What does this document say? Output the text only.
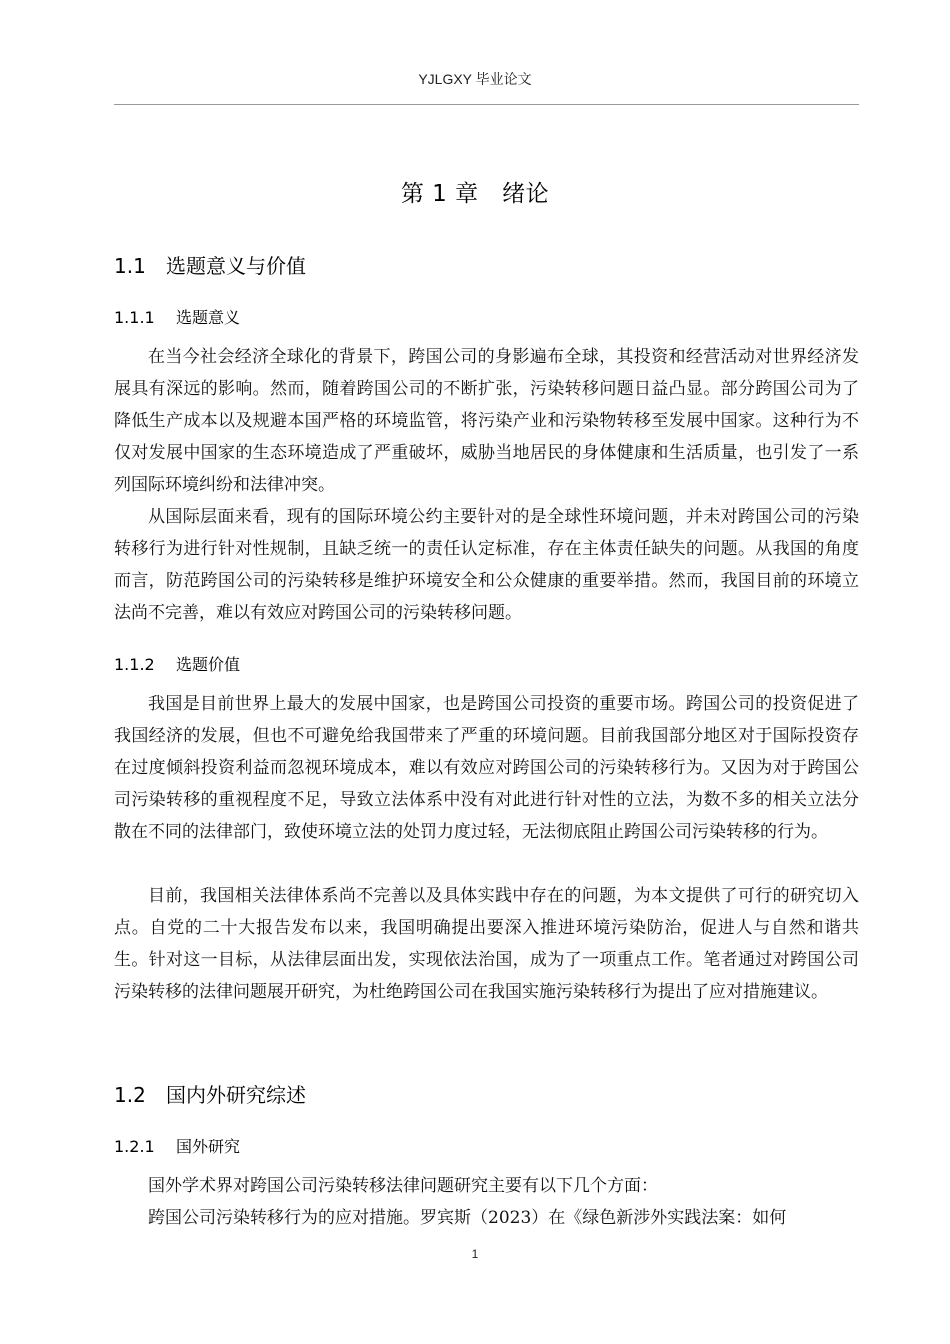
YJLGXY 毕业论文
第 1 章　绪论
1.1 选题意义与价值
1.1.1 选题意义

在当今社会经济全球化的背景下，跨国公司的身影遍布全球，其投资和经营活动对世界经济发展具有深远的影响。然而，随着跨国公司的不断扩张，污染转移问题日益凸显。部分跨国公司为了降低生产成本以及规避本国严格的环境监管，将污染产业和污染物转移至发展中国家。这种行为不仅对发展中国家的生态环境造成了严重破坏，威胁当地居民的身体健康和生活质量，也引发了一系列国际环境纠纷和法律冲突。

从国际层面来看，现有的国际环境公约主要针对的是全球性环境问题，并未对跨国公司的污染转移行为进行针对性规制，且缺乏统一的责任认定标准，存在主体责任缺失的问题。从我国的角度而言，防范跨国公司的污染转移是维护环境安全和公众健康的重要举措。然而，我国目前的环境立法尚不完善，难以有效应对跨国公司的污染转移问题。

1.1.2 选题价值

我国是目前世界上最大的发展中国家，也是跨国公司投资的重要市场。跨国公司的投资促进了我国经济的发展，但也不可避免给我国带来了严重的环境问题。目前我国部分地区对于国际投资存在过度倾斜投资利益而忽视环境成本，难以有效应对跨国公司的污染转移行为。又因为对于跨国公司污染转移的重视程度不足，导致立法体系中没有对此进行针对性的立法，为数不多的相关立法分散在不同的法律部门，致使环境立法的处罚力度过轻，无法彻底阻止跨国公司污染转移的行为。

目前，我国相关法律体系尚不完善以及具体实践中存在的问题，为本文提供了可行的研究切入点。自党的二十大报告发布以来，我国明确提出要深入推进环境污染防治，促进人与自然和谐共生。针对这一目标，从法律层面出发，实现依法治国，成为了一项重点工作。笔者通过对跨国公司污染转移的法律问题展开研究，为杜绝跨国公司在我国实施污染转移行为提出了应对措施建议。

1.2 国内外研究综述
1.2.1 国外研究

国外学术界对跨国公司污染转移法律问题研究主要有以下几个方面：

跨国公司污染转移行为的应对措施。罗宾斯（2023）在《绿色新涉外实践法案：如何

1
